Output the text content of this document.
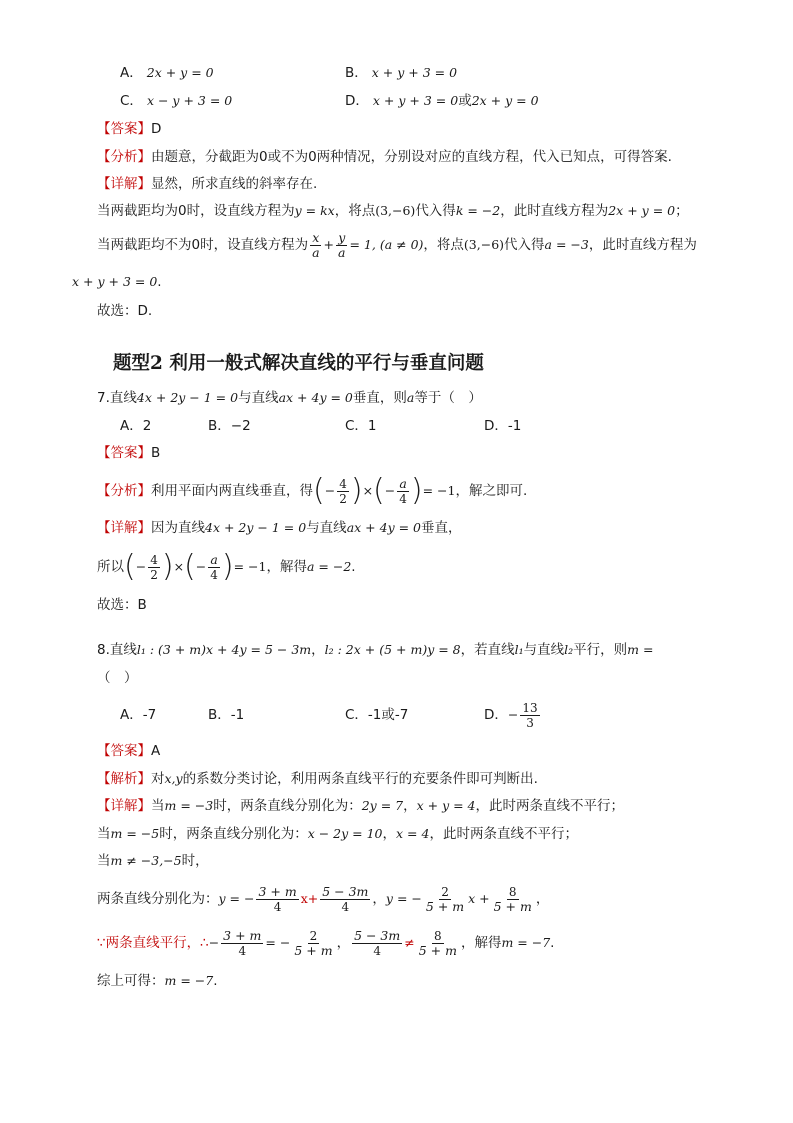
A． 2x + y = 0	B． x + y + 3 = 0
C． x − y + 3 = 0	D． x + y + 3 = 0或2x + y = 0
【答案】D
【分析】由题意，分截距为0或不为0两种情况，分别设对应的直线方程，代入已知点，可得答案.
【详解】显然，所求直线的斜率存在.
当两截距均为0时，设直线方程为y = kx，将点(3,−6)代入得k = −2，此时直线方程为2x + y = 0；
当两截距均不为0时，设直线方程为 $\frac{x}{a} + \frac{y}{a} = 1$, (a ≠ 0)，将点(3,−6)代入得a = −3，此时直线方程为
x + y + 3 = 0.
故选：D.
题型2 利用一般式解决直线的平行与垂直问题
7.直线4x + 2y − 1 = 0与直线ax + 4y = 0垂直，则a等于（　）
A．2	B．−2	C．1	D．-1
【答案】B
【分析】利用平面内两直线垂直，得(− $\frac{4}{2}$ )×(− $\frac{a}{4}$ )= −1，解之即可.
【详解】因为直线4x + 2y − 1 = 0与直线ax + 4y = 0垂直，
所以(− $\frac{4}{2}$ )×(− $\frac{a}{4}$ )= −1，解得a = −2.
故选：B
8.直线l₁ : (3 + m)x + 4y = 5 − 3m，l₂ : 2x + (5 + m)y = 8，若直线l₁与直线l₂平行，则m =
（　）
A．-7	B．-1	C．-1或-7	D．− $\frac{13}{3}$
【答案】A
【解析】对x,y的系数分类讨论，利用两条直线平行的充要条件即可判断出.
【详解】当m = −3时，两条直线分别化为：2y = 7，x + y = 4，此时两条直线不平行；
当m = −5时，两条直线分别化为：x − 2y = 10，x = 4，此时两条直线不平行；
当m ≠ −3,−5时，
两条直线分别化为：y = − $\frac{3 + m}{4} x+ \frac{5 - 3m}{4}$ ，y = − $\frac{2}{5 + m}$ $x + \frac{8}{5 + m}$ ，
∵两条直线平行，∴− $\frac{3 + m}{4}$ = − $\frac{2}{5 + m}$ ， $\frac{5 - 3m}{4} \ne \frac{8}{5 + m}$ ，解得m = −7.
综上可得：m = −7.
